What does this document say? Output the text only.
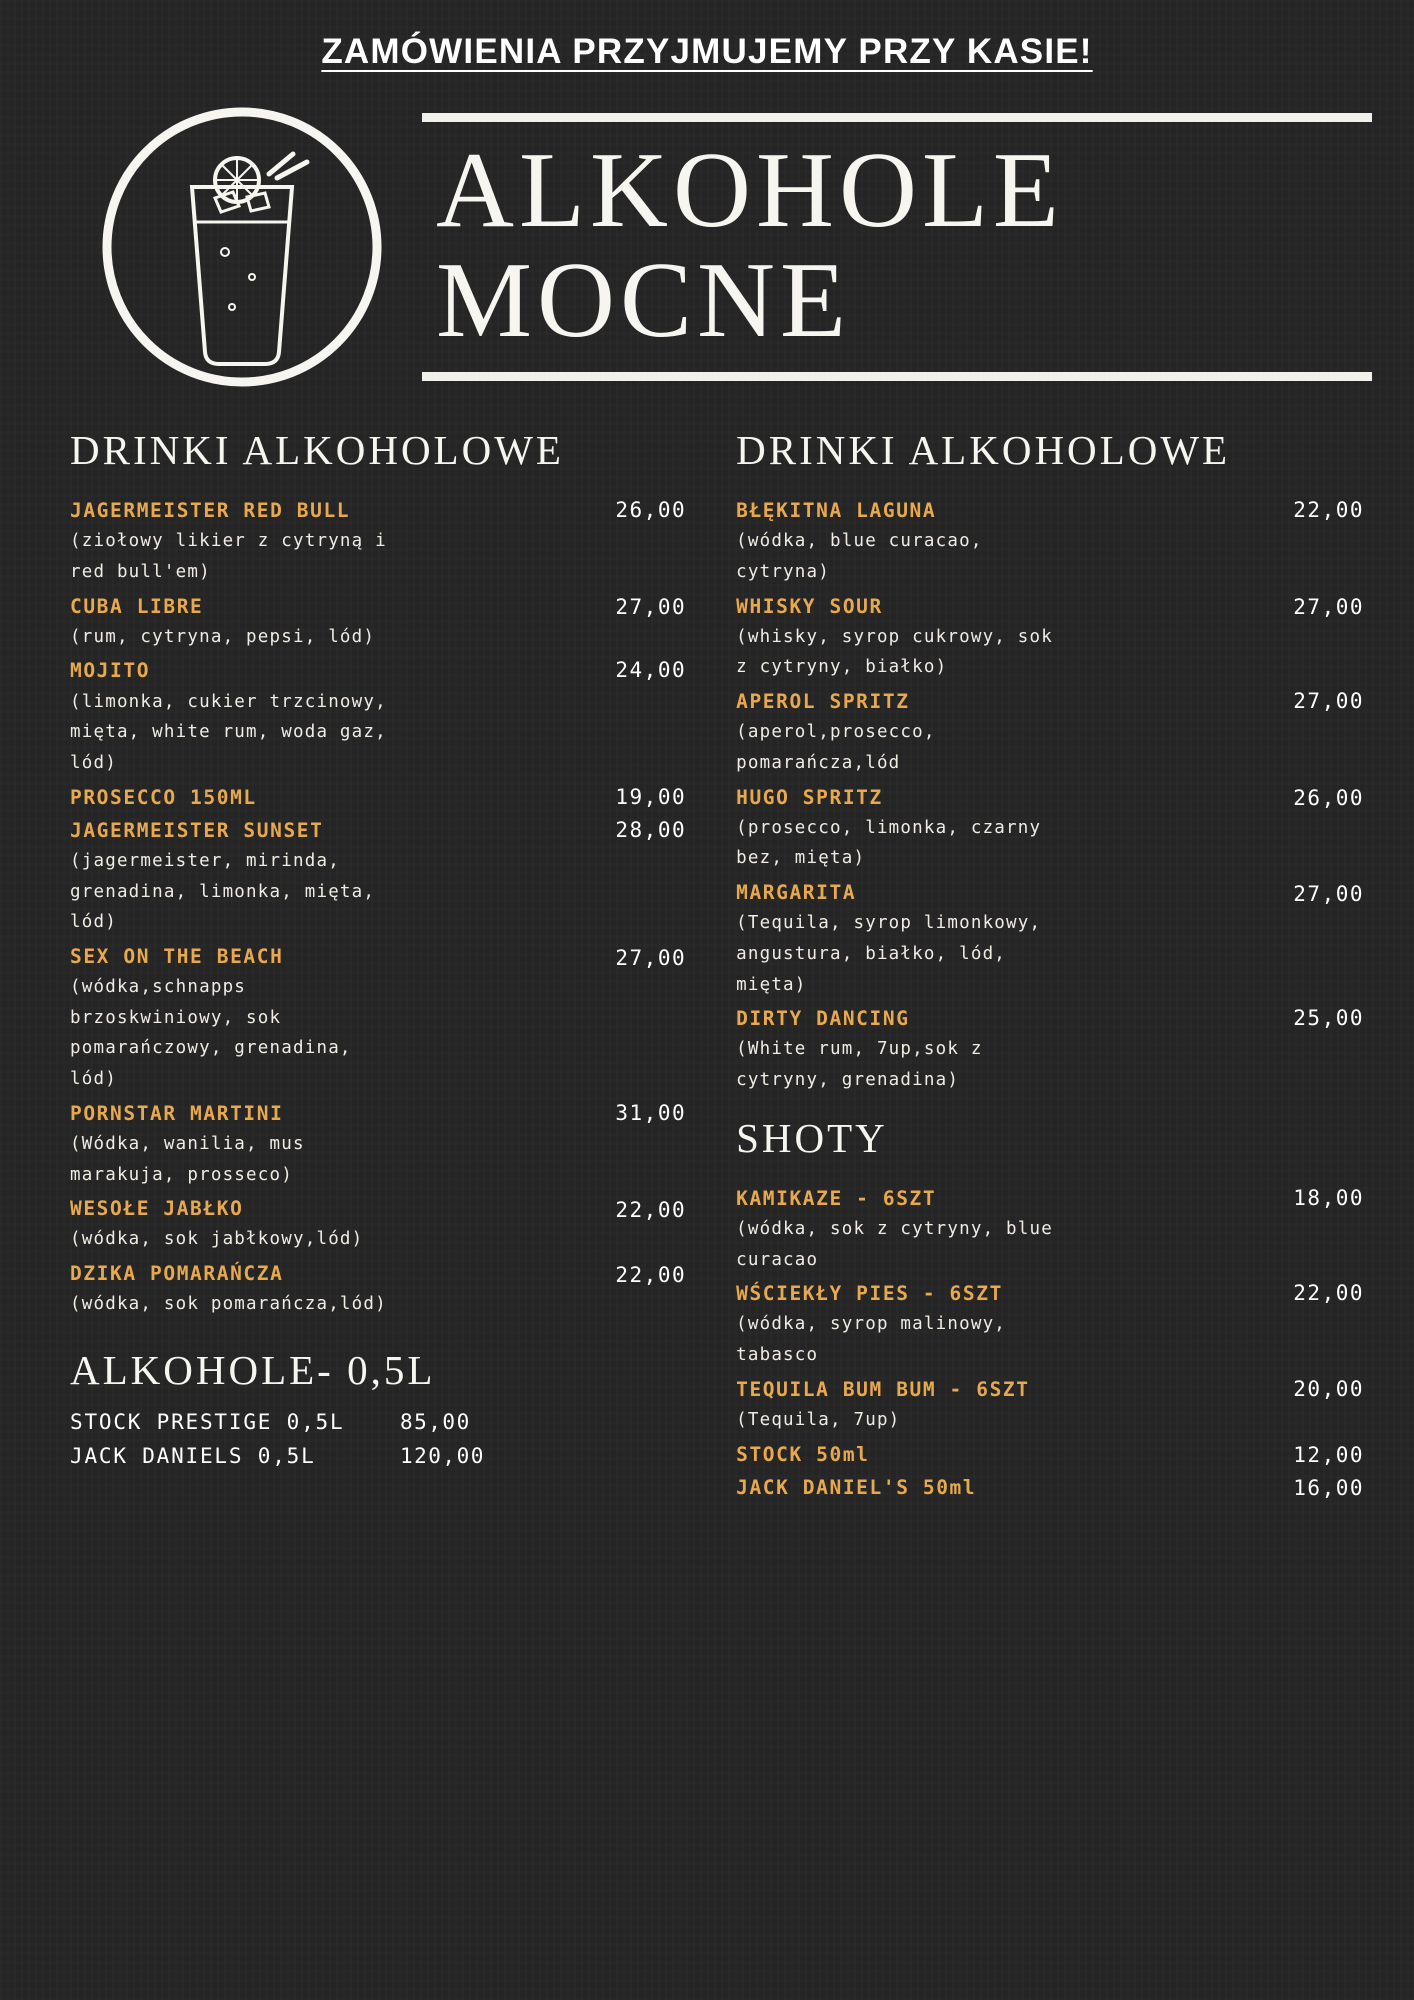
ZAMÓWIENIA PRZYJMUJEMY PRZY KASIE!
ALKOHOLE
MOCNE
DRINKI ALKOHOLOWE
JAGERMEISTER RED BULL	26,00
(ziołowy likier z cytryną i red bull'em)
CUBA LIBRE	27,00
(rum, cytryna, pepsi, lód)
MOJITO	24,00
(limonka, cukier trzcinowy, mięta, white rum, woda gaz, lód)
PROSECCO 150ML	19,00
JAGERMEISTER SUNSET	28,00
(jagermeister, mirinda, grenadina, limonka, mięta, lód)
SEX ON THE BEACH	27,00
(wódka,schnapps brzoskwiniowy, sok pomarańczowy, grenadina, lód)
PORNSTAR MARTINI	31,00
(Wódka, wanilia, mus marakuja, prosseco)
WESOŁE JABŁKO	22,00
(wódka, sok jabłkowy,lód)
DZIKA POMARAŃCZA	22,00
(wódka, sok pomarańcza,lód)
ALKOHOLE- 0,5L
STOCK PRESTIGE 0,5L	85,00
JACK DANIELS 0,5L	120,00
DRINKI ALKOHOLOWE
BŁĘKITNA LAGUNA	22,00
(wódka, blue curacao, cytryna)
WHISKY SOUR	27,00
(whisky, syrop cukrowy, sok z cytryny, białko)
APEROL SPRITZ	27,00
(aperol,prosecco, pomarańcza,lód
HUGO SPRITZ	26,00
(prosecco, limonka, czarny bez, mięta)
MARGARITA	27,00
(Tequila, syrop limonkowy, angustura, białko, lód, mięta)
DIRTY DANCING	25,00
(White rum, 7up,sok z cytryny, grenadina)
SHOTY
KAMIKAZE - 6SZT	18,00
(wódka, sok z cytryny, blue curacao
WŚCIEKŁY PIES - 6SZT	22,00
(wódka, syrop malinowy, tabasco
TEQUILA BUM BUM - 6SZT	20,00
(Tequila, 7up)
STOCK 50ml	12,00
JACK DANIEL'S 50ml	16,00
